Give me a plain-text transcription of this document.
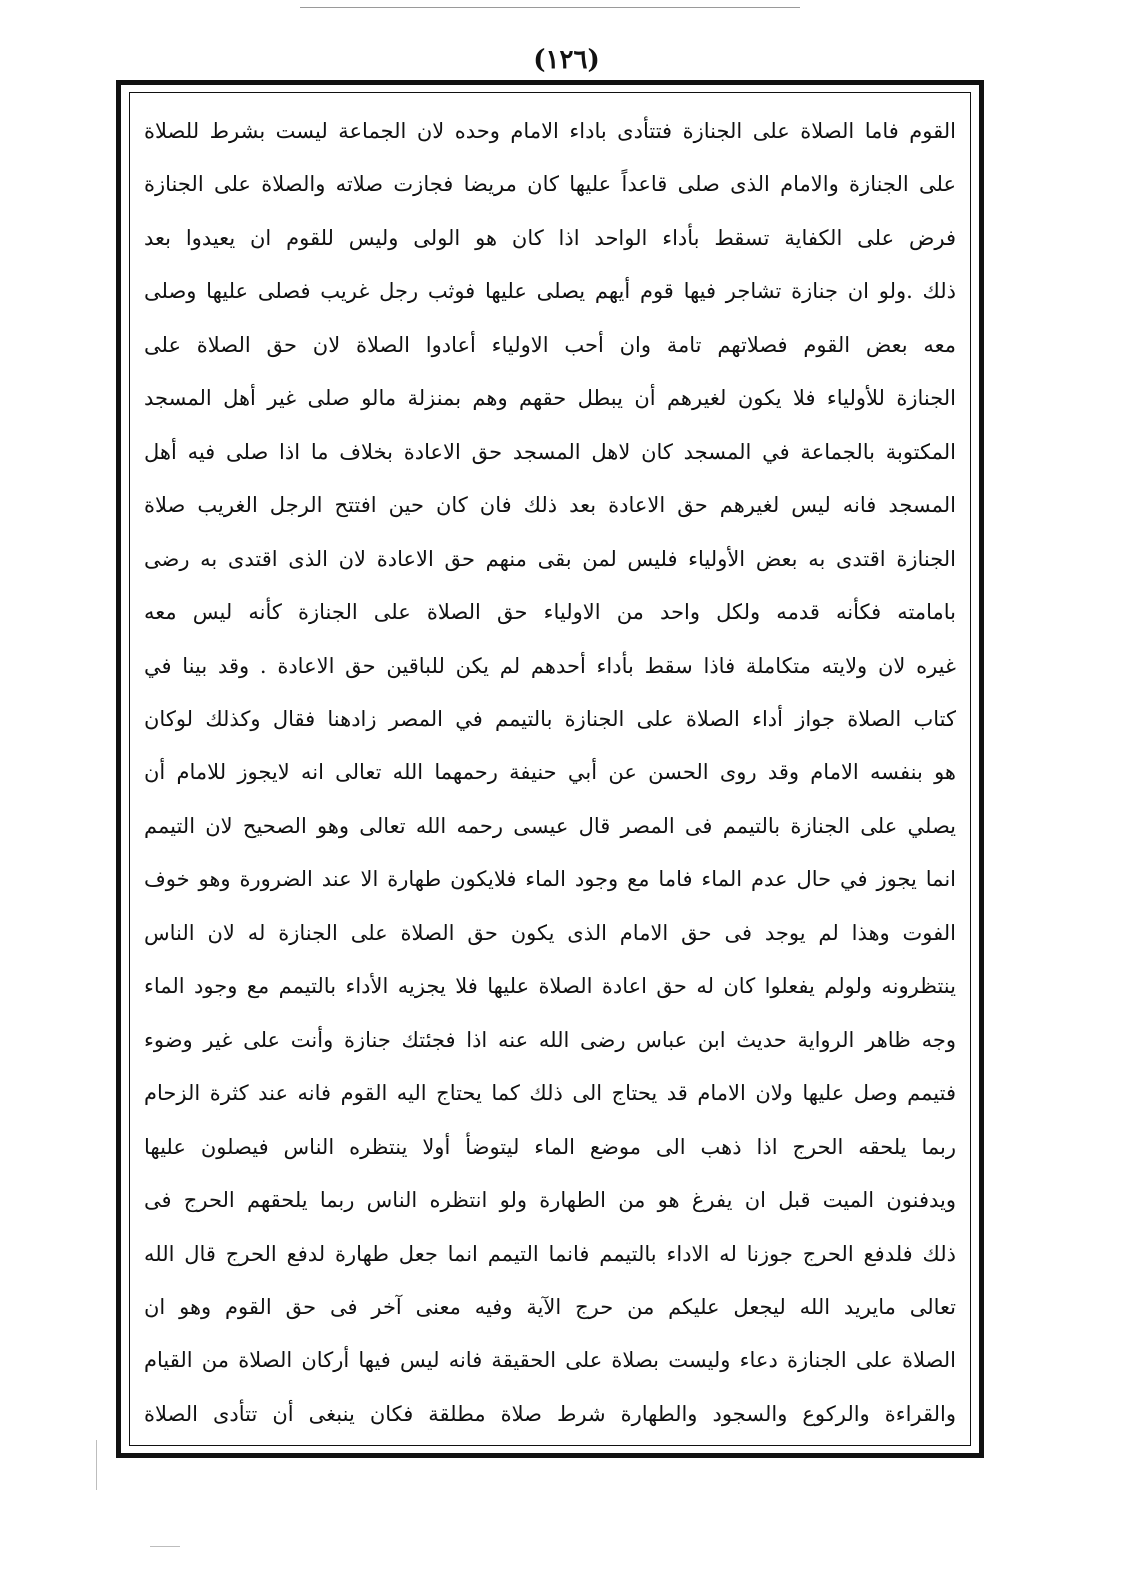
(١٢٦)
القوم فاما الصلاة على الجنازة فتتأدى باداء الامام وحده لان الجماعة ليست بشرط للصلاة
على الجنازة والامام الذى صلى قاعداً عليها كان مريضا فجازت صلاته والصلاة على الجنازة
فرض على الكفاية تسقط بأداء الواحد اذا كان هو الولى وليس للقوم ان يعيدوا بعد
ذلك .ولو ان جنازة تشاجر فيها قوم أيهم يصلى عليها فوثب رجل غريب فصلى عليها وصلى
معه بعض القوم فصلاتهم تامة وان أحب الاولياء أعادوا الصلاة لان حق الصلاة على
الجنازة للأولياء فلا يكون لغيرهم أن يبطل حقهم وهم بمنزلة مالو صلى غير أهل المسجد
المكتوبة بالجماعة في المسجد كان لاهل المسجد حق الاعادة بخلاف ما اذا صلى فيه أهل
المسجد فانه ليس لغيرهم حق الاعادة بعد ذلك فان كان حين افتتح الرجل الغريب صلاة
الجنازة اقتدى به بعض الأولياء فليس لمن بقى منهم حق الاعادة لان الذى اقتدى به رضى
بامامته فكأنه قدمه ولكل واحد من الاولياء حق الصلاة على الجنازة كأنه ليس معه
غيره لان ولايته متكاملة فاذا سقط بأداء أحدهم لم يكن للباقين حق الاعادة . وقد بينا في
كتاب الصلاة جواز أداء الصلاة على الجنازة بالتيمم في المصر زادهنا فقال وكذلك لوكان
هو بنفسه الامام وقد روى الحسن عن أبي حنيفة رحمهما الله تعالى انه لايجوز للامام أن
يصلي على الجنازة بالتيمم فى المصر قال عيسى رحمه الله تعالى وهو الصحيح لان التيمم
انما يجوز في حال عدم الماء فاما مع وجود الماء فلايكون طهارة الا عند الضرورة وهو خوف
الفوت وهذا لم يوجد فى حق الامام الذى يكون حق الصلاة على الجنازة له لان الناس
ينتظرونه ولولم يفعلوا كان له حق اعادة الصلاة عليها فلا يجزيه الأداء بالتيمم مع وجود الماء
وجه ظاهر الرواية حديث ابن عباس رضى الله عنه اذا فجئتك جنازة وأنت على غير وضوء
فتيمم وصل عليها ولان الامام قد يحتاج الى ذلك كما يحتاج اليه القوم فانه عند كثرة الزحام
ربما يلحقه الحرج اذا ذهب الى موضع الماء ليتوضأ أولا ينتظره الناس فيصلون عليها
ويدفنون الميت قبل ان يفرغ هو من الطهارة ولو انتظره الناس ربما يلحقهم الحرج فى
ذلك فلدفع الحرج جوزنا له الاداء بالتيمم فانما التيمم انما جعل طهارة لدفع الحرج قال الله
تعالى مايريد الله ليجعل عليكم من حرج الآية وفيه معنى آخر فى حق القوم وهو ان
الصلاة على الجنازة دعاء وليست بصلاة على الحقيقة فانه ليس فيها أركان الصلاة من القيام
والقراءة والركوع والسجود والطهارة شرط صلاة مطلقة فكان ينبغى أن تتأدى الصلاة
